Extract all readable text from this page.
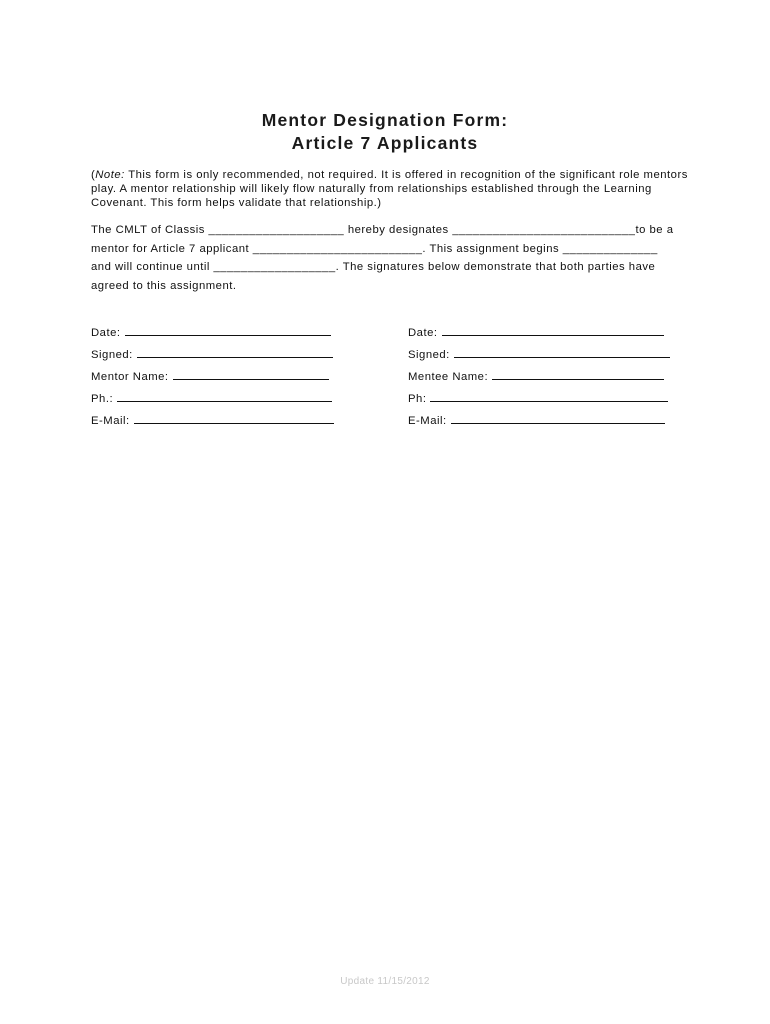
Mentor Designation Form:
Article 7 Applicants

(Note: This form is only recommended, not required. It is offered in recognition of the significant role mentors play. A mentor relationship will likely flow naturally from relationships established through the Learning Covenant. This form helps validate that relationship.)

The CMLT of Classis ____________________ hereby designates ___________________________to be a
mentor for Article 7 applicant _________________________. This assignment begins ______________
and will continue until __________________. The signatures below demonstrate that both parties have
agreed to this assignment.
Date:
Signed:
Mentor Name:
Ph.:
E-Mail:
Date:
Signed:
Mentee Name:
Ph:
E-Mail:
Update 11/15/2012
